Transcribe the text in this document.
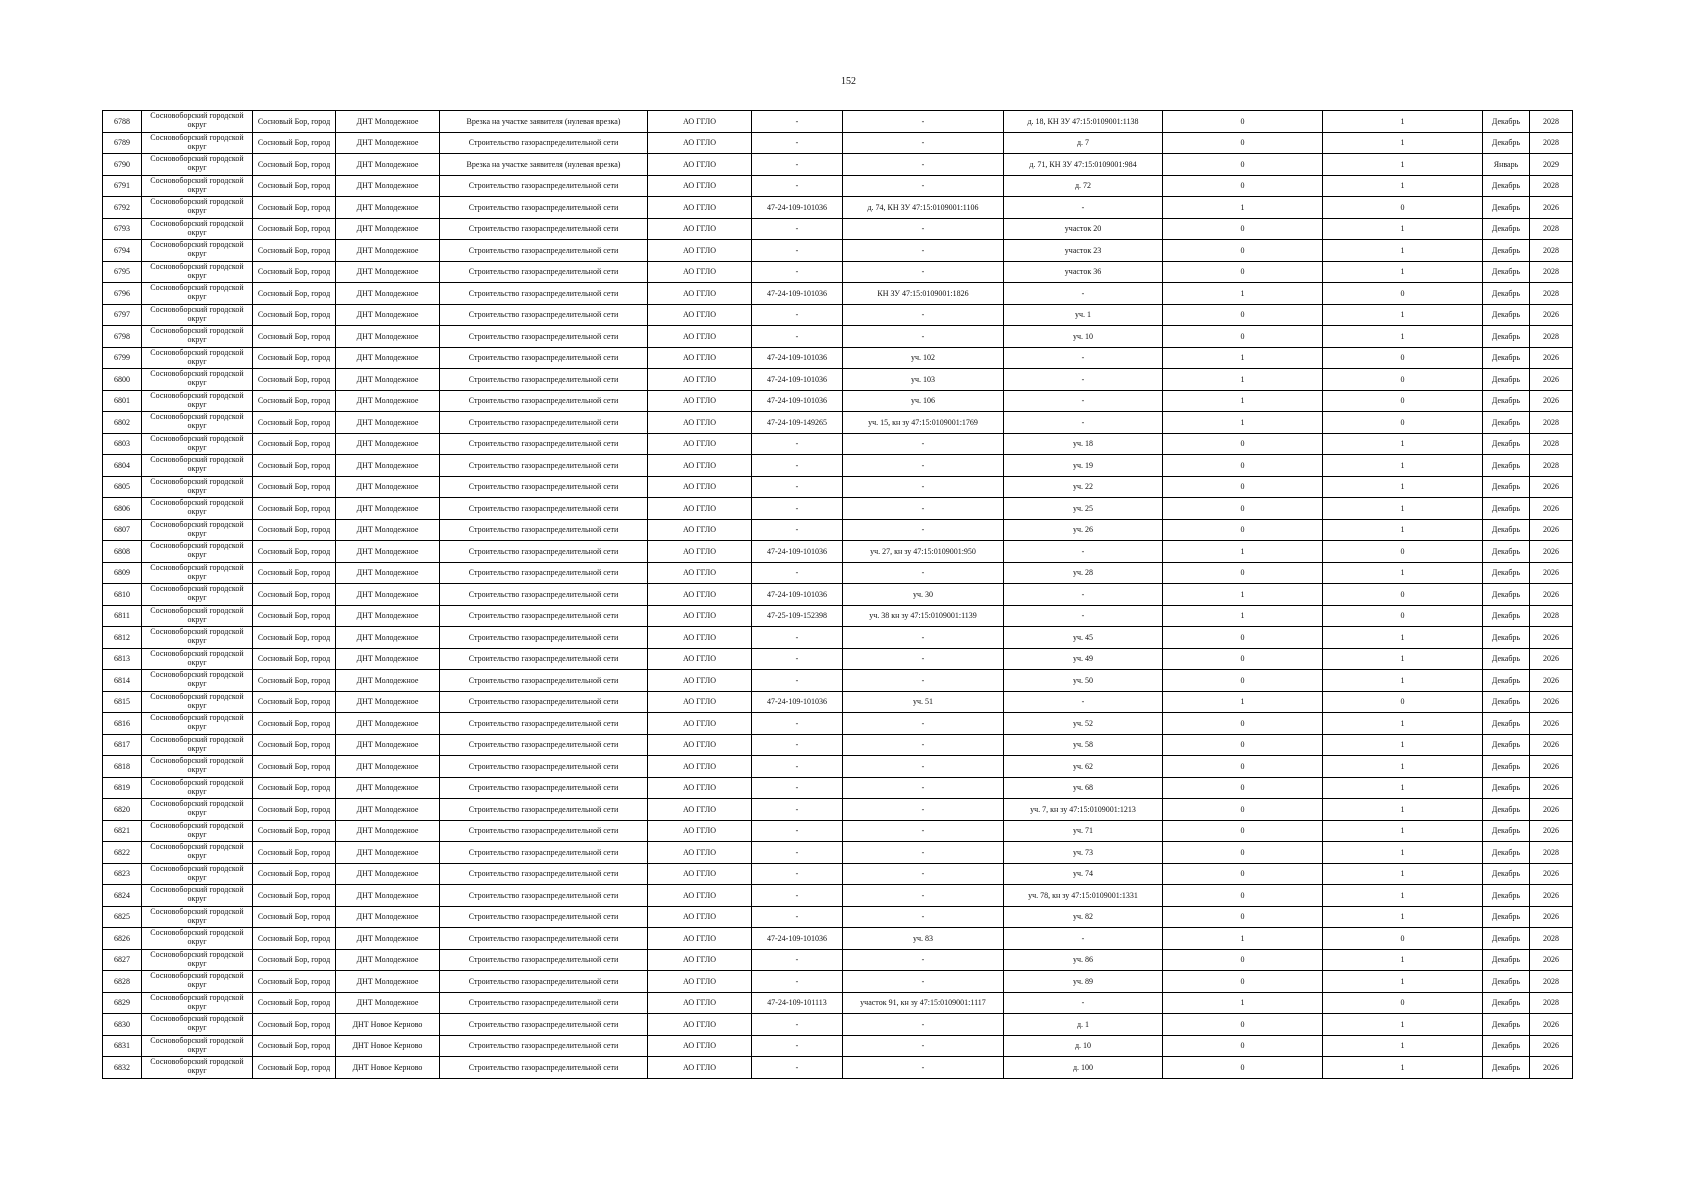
152
6788	Сосновоборский городской округ	Сосновый Бор, город	ДНТ Молодежное	Врезка на участке заявителя (нулевая врезка)	АО ГГЛО	-	-	д. 18, КН ЗУ 47:15:0109001:1138	0	1	Декабрь	2028
6789	Сосновоборский городской округ	Сосновый Бор, город	ДНТ Молодежное	Строительство газораспределительной сети	АО ГГЛО	-	-	д. 7	0	1	Декабрь	2028
6790	Сосновоборский городской округ	Сосновый Бор, город	ДНТ Молодежное	Врезка на участке заявителя (нулевая врезка)	АО ГГЛО	-	-	д. 71, КН ЗУ 47:15:0109001:984	0	1	Январь	2029
6791	Сосновоборский городской округ	Сосновый Бор, город	ДНТ Молодежное	Строительство газораспределительной сети	АО ГГЛО	-	-	д. 72	0	1	Декабрь	2028
6792	Сосновоборский городской округ	Сосновый Бор, город	ДНТ Молодежное	Строительство газораспределительной сети	АО ГГЛО	47-24-109-101036	д. 74, КН ЗУ 47:15:0109001:1106	-	1	0	Декабрь	2026
6793	Сосновоборский городской округ	Сосновый Бор, город	ДНТ Молодежное	Строительство газораспределительной сети	АО ГГЛО	-	-	участок 20	0	1	Декабрь	2028
6794	Сосновоборский городской округ	Сосновый Бор, город	ДНТ Молодежное	Строительство газораспределительной сети	АО ГГЛО	-	-	участок 23	0	1	Декабрь	2028
6795	Сосновоборский городской округ	Сосновый Бор, город	ДНТ Молодежное	Строительство газораспределительной сети	АО ГГЛО	-	-	участок 36	0	1	Декабрь	2028
6796	Сосновоборский городской округ	Сосновый Бор, город	ДНТ Молодежное	Строительство газораспределительной сети	АО ГГЛО	47-24-109-101036	КН ЗУ 47:15:0109001:1826	-	1	0	Декабрь	2028
6797	Сосновоборский городской округ	Сосновый Бор, город	ДНТ Молодежное	Строительство газораспределительной сети	АО ГГЛО	-	-	уч. 1	0	1	Декабрь	2026
6798	Сосновоборский городской округ	Сосновый Бор, город	ДНТ Молодежное	Строительство газораспределительной сети	АО ГГЛО	-	-	уч. 10	0	1	Декабрь	2028
6799	Сосновоборский городской округ	Сосновый Бор, город	ДНТ Молодежное	Строительство газораспределительной сети	АО ГГЛО	47-24-109-101036	уч. 102	-	1	0	Декабрь	2026
6800	Сосновоборский городской округ	Сосновый Бор, город	ДНТ Молодежное	Строительство газораспределительной сети	АО ГГЛО	47-24-109-101036	уч. 103	-	1	0	Декабрь	2026
6801	Сосновоборский городской округ	Сосновый Бор, город	ДНТ Молодежное	Строительство газораспределительной сети	АО ГГЛО	47-24-109-101036	уч. 106	-	1	0	Декабрь	2026
6802	Сосновоборский городской округ	Сосновый Бор, город	ДНТ Молодежное	Строительство газораспределительной сети	АО ГГЛО	47-24-109-149265	уч. 15, кн зу 47:15:0109001:1769	-	1	0	Декабрь	2028
6803	Сосновоборский городской округ	Сосновый Бор, город	ДНТ Молодежное	Строительство газораспределительной сети	АО ГГЛО	-	-	уч. 18	0	1	Декабрь	2028
6804	Сосновоборский городской округ	Сосновый Бор, город	ДНТ Молодежное	Строительство газораспределительной сети	АО ГГЛО	-	-	уч. 19	0	1	Декабрь	2028
6805	Сосновоборский городской округ	Сосновый Бор, город	ДНТ Молодежное	Строительство газораспределительной сети	АО ГГЛО	-	-	уч. 22	0	1	Декабрь	2026
6806	Сосновоборский городской округ	Сосновый Бор, город	ДНТ Молодежное	Строительство газораспределительной сети	АО ГГЛО	-	-	уч. 25	0	1	Декабрь	2026
6807	Сосновоборский городской округ	Сосновый Бор, город	ДНТ Молодежное	Строительство газораспределительной сети	АО ГГЛО	-	-	уч. 26	0	1	Декабрь	2026
6808	Сосновоборский городской округ	Сосновый Бор, город	ДНТ Молодежное	Строительство газораспределительной сети	АО ГГЛО	47-24-109-101036	уч. 27, кн зу 47:15:0109001:950	-	1	0	Декабрь	2026
6809	Сосновоборский городской округ	Сосновый Бор, город	ДНТ Молодежное	Строительство газораспределительной сети	АО ГГЛО	-	-	уч. 28	0	1	Декабрь	2026
6810	Сосновоборский городской округ	Сосновый Бор, город	ДНТ Молодежное	Строительство газораспределительной сети	АО ГГЛО	47-24-109-101036	уч. 30	-	1	0	Декабрь	2026
6811	Сосновоборский городской округ	Сосновый Бор, город	ДНТ Молодежное	Строительство газораспределительной сети	АО ГГЛО	47-25-109-152398	уч. 38 кн зу 47:15:0109001:1139	-	1	0	Декабрь	2028
6812	Сосновоборский городской округ	Сосновый Бор, город	ДНТ Молодежное	Строительство газораспределительной сети	АО ГГЛО	-	-	уч. 45	0	1	Декабрь	2026
6813	Сосновоборский городской округ	Сосновый Бор, город	ДНТ Молодежное	Строительство газораспределительной сети	АО ГГЛО	-	-	уч. 49	0	1	Декабрь	2026
6814	Сосновоборский городской округ	Сосновый Бор, город	ДНТ Молодежное	Строительство газораспределительной сети	АО ГГЛО	-	-	уч. 50	0	1	Декабрь	2026
6815	Сосновоборский городской округ	Сосновый Бор, город	ДНТ Молодежное	Строительство газораспределительной сети	АО ГГЛО	47-24-109-101036	уч. 51	-	1	0	Декабрь	2026
6816	Сосновоборский городской округ	Сосновый Бор, город	ДНТ Молодежное	Строительство газораспределительной сети	АО ГГЛО	-	-	уч. 52	0	1	Декабрь	2026
6817	Сосновоборский городской округ	Сосновый Бор, город	ДНТ Молодежное	Строительство газораспределительной сети	АО ГГЛО	-	-	уч. 58	0	1	Декабрь	2026
6818	Сосновоборский городской округ	Сосновый Бор, город	ДНТ Молодежное	Строительство газораспределительной сети	АО ГГЛО	-	-	уч. 62	0	1	Декабрь	2026
6819	Сосновоборский городской округ	Сосновый Бор, город	ДНТ Молодежное	Строительство газораспределительной сети	АО ГГЛО	-	-	уч. 68	0	1	Декабрь	2026
6820	Сосновоборский городской округ	Сосновый Бор, город	ДНТ Молодежное	Строительство газораспределительной сети	АО ГГЛО	-	-	уч. 7, кн зу 47:15:0109001:1213	0	1	Декабрь	2026
6821	Сосновоборский городской округ	Сосновый Бор, город	ДНТ Молодежное	Строительство газораспределительной сети	АО ГГЛО	-	-	уч. 71	0	1	Декабрь	2026
6822	Сосновоборский городской округ	Сосновый Бор, город	ДНТ Молодежное	Строительство газораспределительной сети	АО ГГЛО	-	-	уч. 73	0	1	Декабрь	2028
6823	Сосновоборский городской округ	Сосновый Бор, город	ДНТ Молодежное	Строительство газораспределительной сети	АО ГГЛО	-	-	уч. 74	0	1	Декабрь	2026
6824	Сосновоборский городской округ	Сосновый Бор, город	ДНТ Молодежное	Строительство газораспределительной сети	АО ГГЛО	-	-	уч. 78, кн зу 47:15:0109001:1331	0	1	Декабрь	2026
6825	Сосновоборский городской округ	Сосновый Бор, город	ДНТ Молодежное	Строительство газораспределительной сети	АО ГГЛО	-	-	уч. 82	0	1	Декабрь	2026
6826	Сосновоборский городской округ	Сосновый Бор, город	ДНТ Молодежное	Строительство газораспределительной сети	АО ГГЛО	47-24-109-101036	уч. 83	-	1	0	Декабрь	2028
6827	Сосновоборский городской округ	Сосновый Бор, город	ДНТ Молодежное	Строительство газораспределительной сети	АО ГГЛО	-	-	уч. 86	0	1	Декабрь	2026
6828	Сосновоборский городской округ	Сосновый Бор, город	ДНТ Молодежное	Строительство газораспределительной сети	АО ГГЛО	-	-	уч. 89	0	1	Декабрь	2028
6829	Сосновоборский городской округ	Сосновый Бор, город	ДНТ Молодежное	Строительство газораспределительной сети	АО ГГЛО	47-24-109-101113	участок 91, кн зу 47:15:0109001:1117	-	1	0	Декабрь	2028
6830	Сосновоборский городской округ	Сосновый Бор, город	ДНТ Новое Керново	Строительство газораспределительной сети	АО ГГЛО	-	-	д. 1	0	1	Декабрь	2026
6831	Сосновоборский городской округ	Сосновый Бор, город	ДНТ Новое Керново	Строительство газораспределительной сети	АО ГГЛО	-	-	д. 10	0	1	Декабрь	2026
6832	Сосновоборский городской округ	Сосновый Бор, город	ДНТ Новое Керново	Строительство газораспределительной сети	АО ГГЛО	-	-	д. 100	0	1	Декабрь	2026
